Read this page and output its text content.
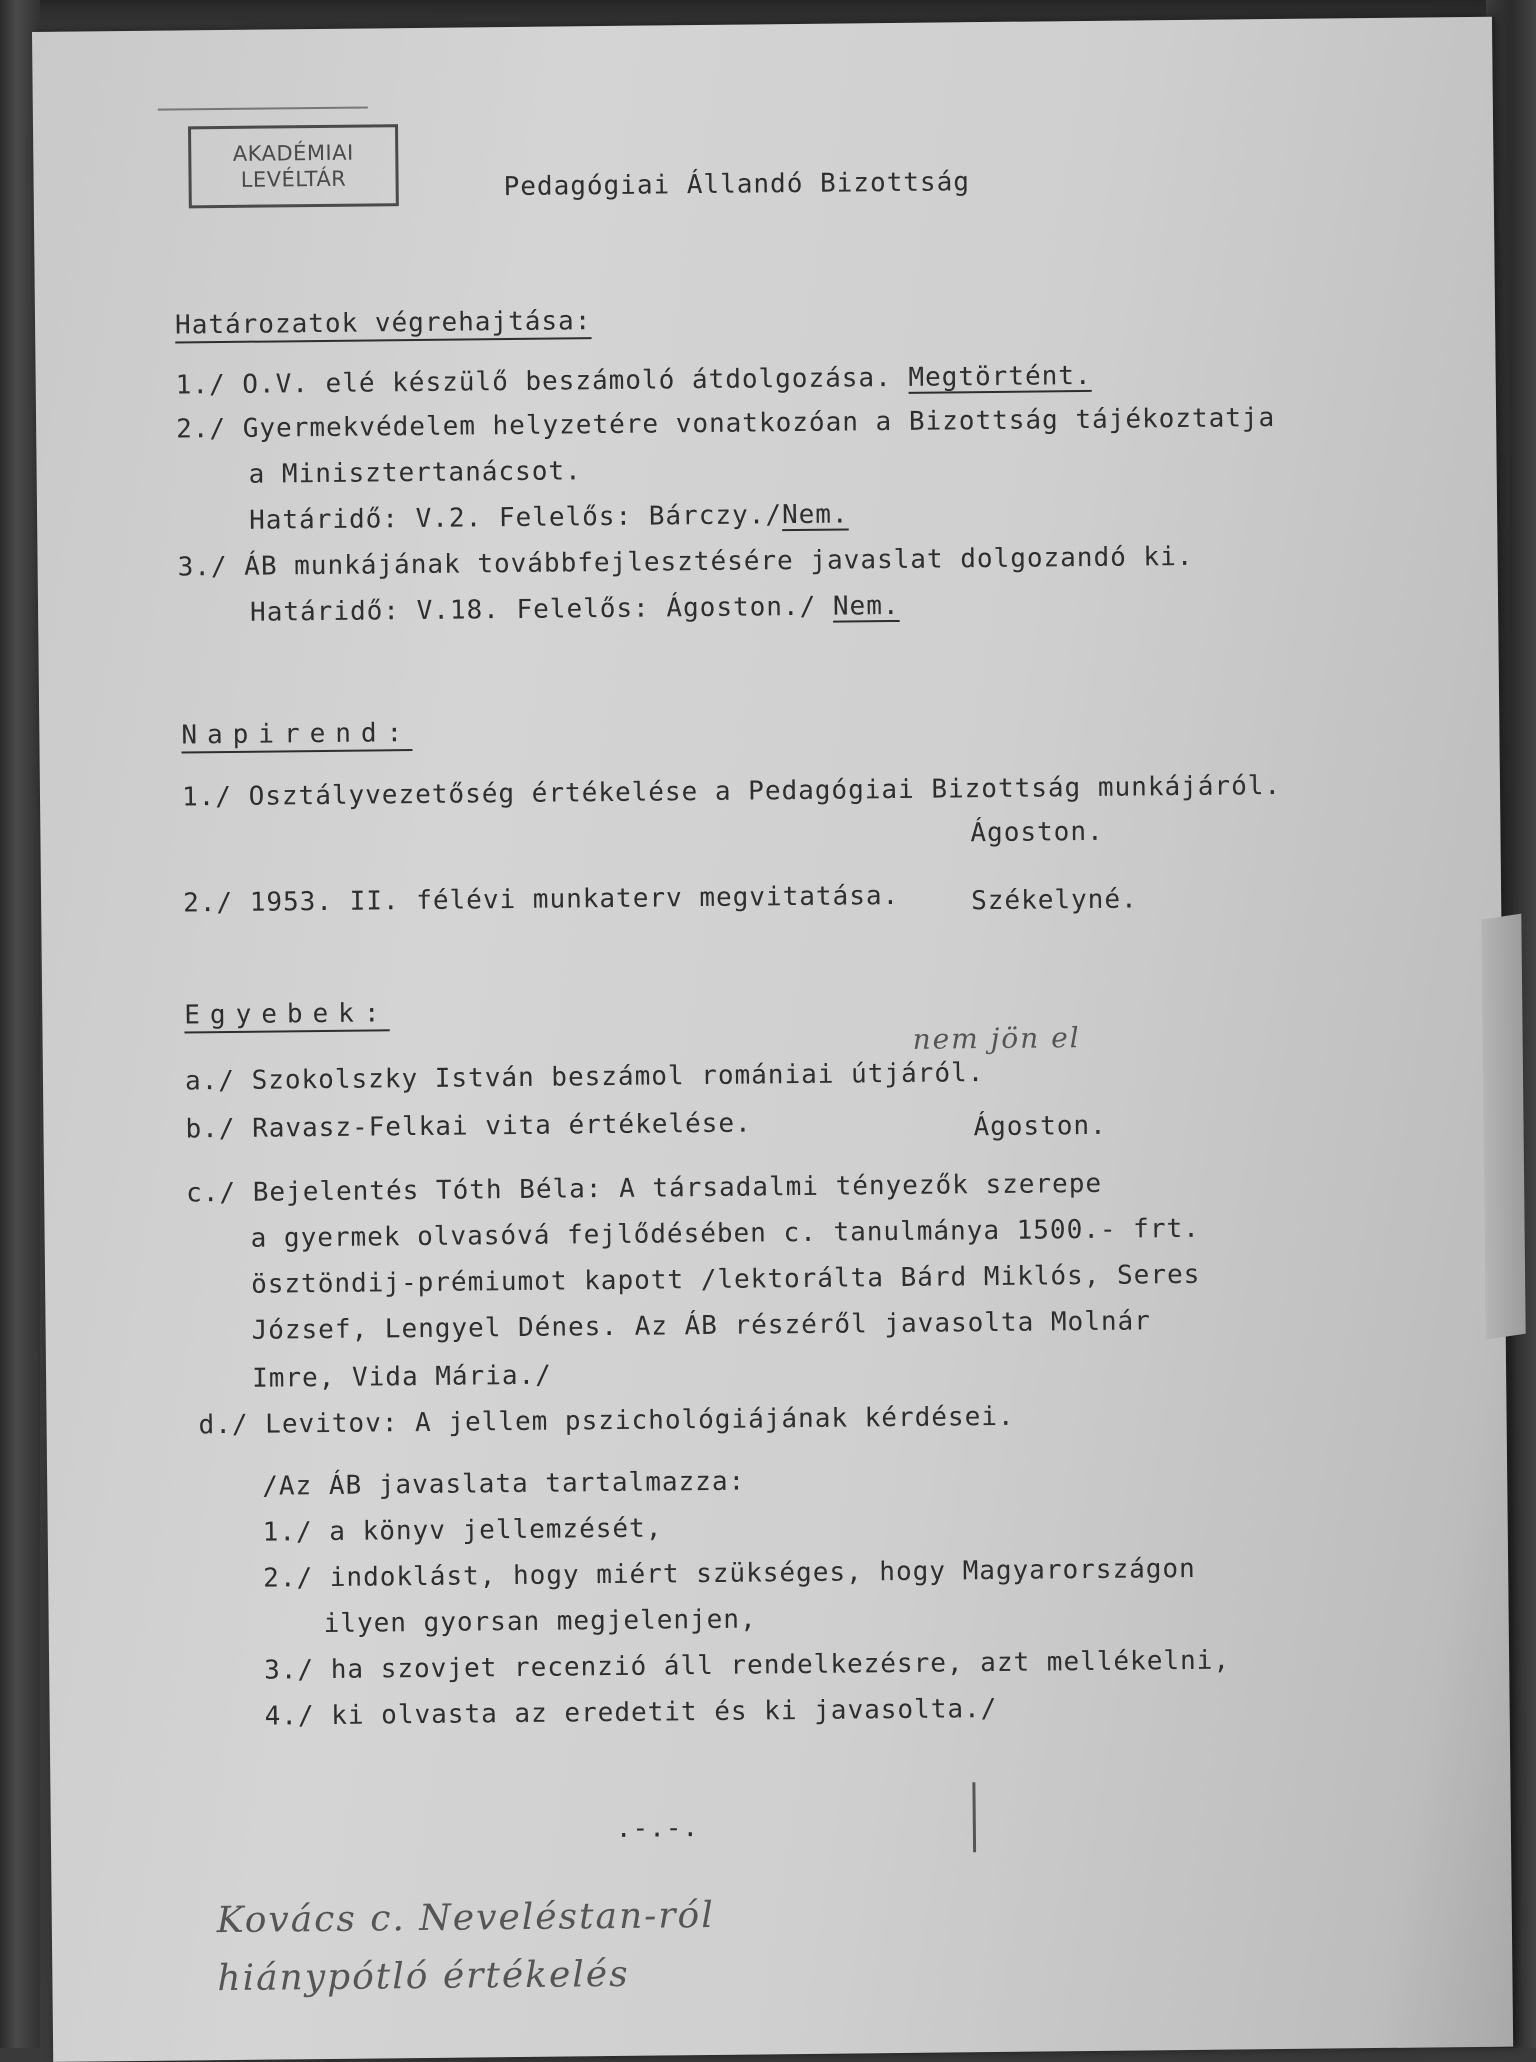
AKADÉMIAI
LEVÉLTÁR	Pedagógiai Állandó Bizottság
Határozatok végrehajtása:
1./ O.V. elé készülő beszámoló átdolgozása. Megtörtént.
2./ Gyermekvédelem helyzetére vonatkozóan a Bizottság tájékoztatja
a Minisztertanácsot.
Határidő: V.2. Felelős: Bárczy./Nem.
3./ ÁB munkájának továbbfejlesztésére javaslat dolgozandó ki.
Határidő: V.18. Felelős: Ágoston./ Nem.
Napirend:
1./ Osztályvezetőség értékelése a Pedagógiai Bizottság munkájáról.
Ágoston.
2./ 1953. II. félévi munkaterv megvitatása.	Székelyné.
Egyebek:
a./ Szokolszky István beszámol romániai útjáról.
nem jön el
b./ Ravasz-Felkai vita értékelése.	Ágoston.
c./ Bejelentés Tóth Béla: A társadalmi tényezők szerepe
a gyermek olvasóvá fejlődésében c. tanulmánya 1500.- frt.
ösztöndij-prémiumot kapott /lektorálta Bárd Miklós, Seres
József, Lengyel Dénes. Az ÁB részéről javasolta Molnár
Imre, Vida Mária./
d./ Levitov: A jellem pszichológiájának kérdései.
/Az ÁB javaslata tartalmazza:
1./ a könyv jellemzését,
2./ indoklást, hogy miért szükséges, hogy Magyarországon
ilyen gyorsan megjelenjen,
3./ ha szovjet recenzió áll rendelkezésre, azt mellékelni,
4./ ki olvasta az eredetit és ki javasolta./
.-.-.
Kovács c. Neveléstan-ról
hiánypótló értékelés
